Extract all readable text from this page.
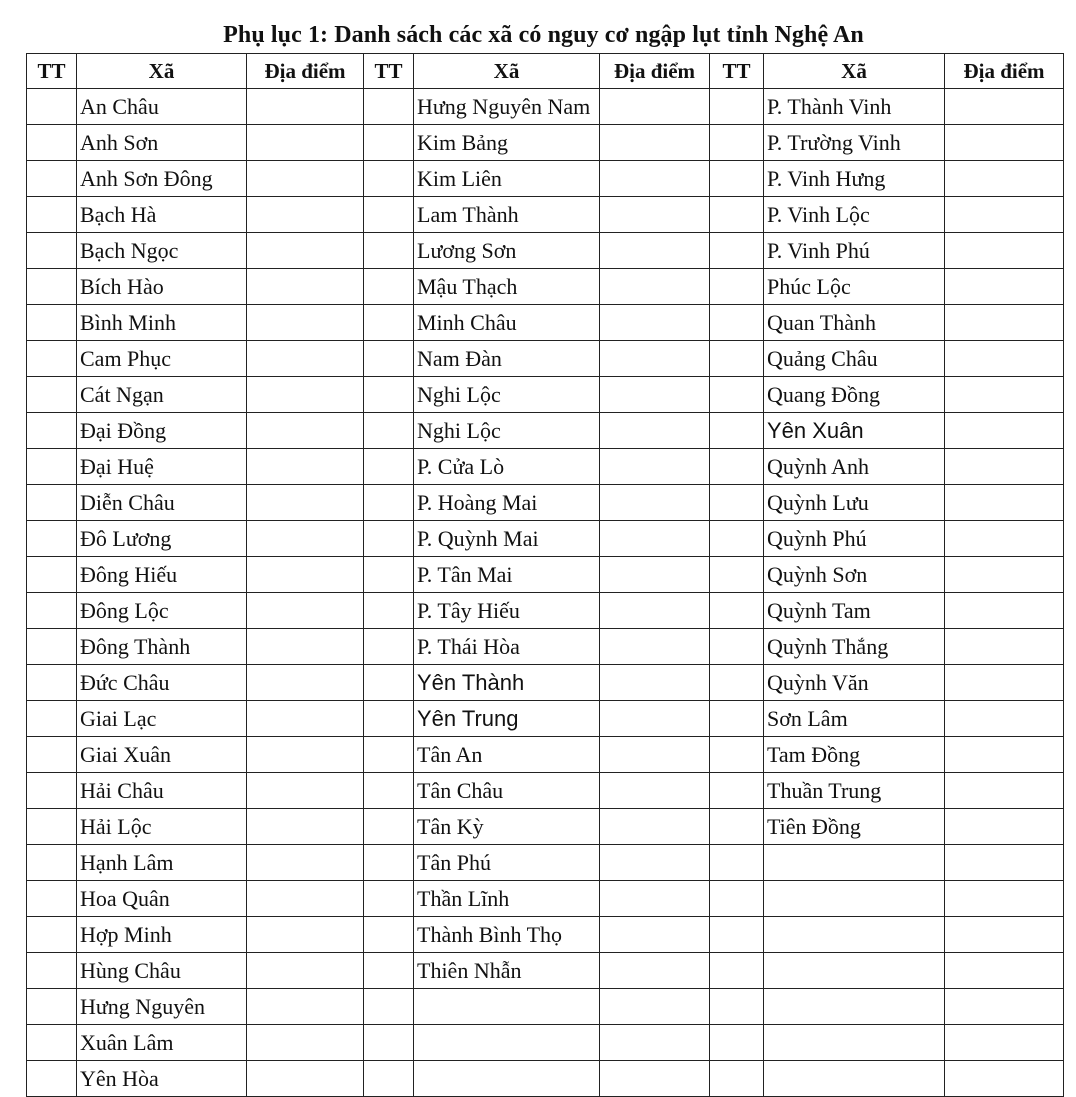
Phụ lục 1: Danh sách các xã có nguy cơ ngập lụt tỉnh Nghệ An
TT	Xã	Địa điểm	TT	Xã	Địa điểm	TT	Xã	Địa điểm
	An Châu			Hưng Nguyên Nam			P. Thành Vinh	
	Anh Sơn			Kim Bảng			P. Trường Vinh	
	Anh Sơn Đông			Kim Liên			P. Vinh Hưng	
	Bạch Hà			Lam Thành			P. Vinh Lộc	
	Bạch Ngọc			Lương Sơn			P. Vinh Phú	
	Bích Hào			Mậu Thạch			Phúc Lộc	
	Bình Minh			Minh Châu			Quan Thành	
	Cam Phục			Nam Đàn			Quảng Châu	
	Cát Ngạn			Nghi Lộc			Quang Đồng	
	Đại Đồng			Nghi Lộc			Yên Xuân	
	Đại Huệ			P. Cửa Lò			Quỳnh Anh	
	Diễn Châu			P. Hoàng Mai			Quỳnh Lưu	
	Đô Lương			P. Quỳnh Mai			Quỳnh Phú	
	Đông Hiếu			P. Tân Mai			Quỳnh Sơn	
	Đông Lộc			P. Tây Hiếu			Quỳnh Tam	
	Đông Thành			P. Thái Hòa			Quỳnh Thắng	
	Đức Châu			Yên Thành			Quỳnh Văn	
	Giai Lạc			Yên Trung			Sơn Lâm	
	Giai Xuân			Tân An			Tam Đồng	
	Hải Châu			Tân Châu			Thuần Trung	
	Hải Lộc			Tân Kỳ			Tiên Đồng	
	Hạnh Lâm			Tân Phú				
	Hoa Quân			Thần Lĩnh				
	Hợp Minh			Thành Bình Thọ				
	Hùng Châu			Thiên Nhẫn				
	Hưng Nguyên							
	Xuân Lâm							
	Yên Hòa							
